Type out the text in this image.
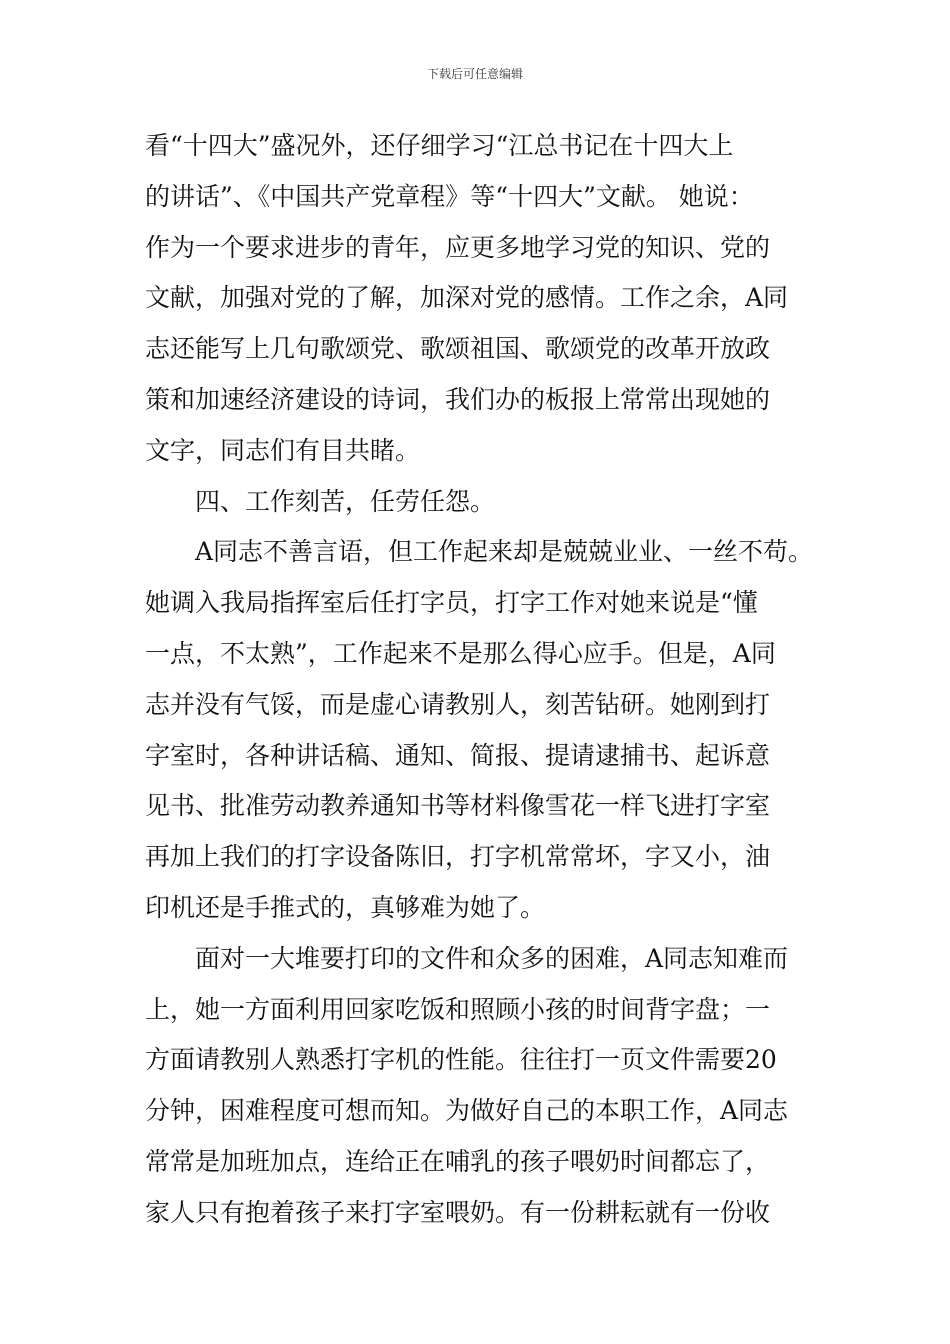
下载后可任意编辑
看“十四大”盛况外，还仔细学习“江总书记在十四大上
的讲话”、《中国共产党章程》等“十四大”文献。 她说：
作为一个要求进步的青年，应更多地学习党的知识、党的
文献，加强对党的了解，加深对党的感情。工作之余，A同
志还能写上几句歌颂党、歌颂祖国、歌颂党的改革开放政
策和加速经济建设的诗词，我们办的板报上常常出现她的
文字，同志们有目共睹。
四、工作刻苦，任劳任怨。
A同志不善言语，但工作起来却是兢兢业业、一丝不苟。
她调入我局指挥室后任打字员，打字工作对她来说是“懂
一点，不太熟”，工作起来不是那么得心应手。但是，A同
志并没有气馁，而是虚心请教别人，刻苦钻研。她刚到打
字室时，各种讲话稿、通知、简报、提请逮捕书、起诉意
见书、批准劳动教养通知书等材料像雪花一样飞进打字室
再加上我们的打字设备陈旧，打字机常常坏，字又小，油
印机还是手推式的，真够难为她了。
面对一大堆要打印的文件和众多的困难，A同志知难而
上，她一方面利用回家吃饭和照顾小孩的时间背字盘；一
方面请教别人熟悉打字机的性能。往往打一页文件需要20
分钟，困难程度可想而知。为做好自己的本职工作，A同志
常常是加班加点，连给正在哺乳的孩子喂奶时间都忘了，
家人只有抱着孩子来打字室喂奶。有一份耕耘就有一份收
